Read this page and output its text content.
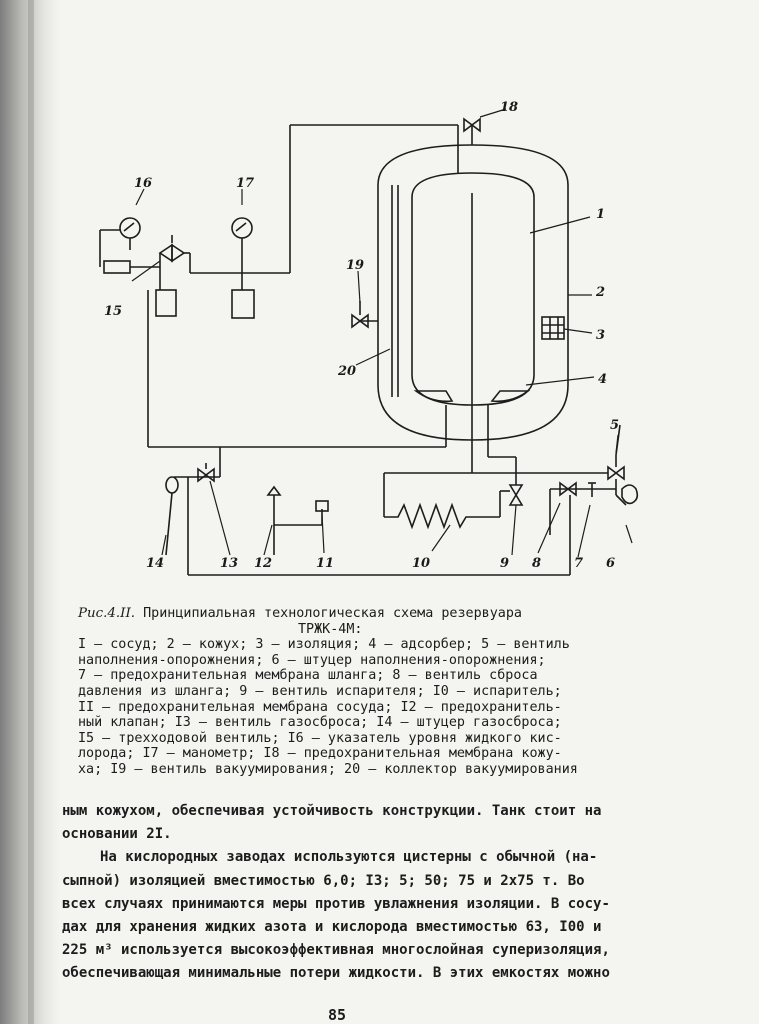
18
1
2
3
4
16	17
15
19
20
5
14	13 12	11	10	9 8	7 6
Рис.4.II. Принципиальная технологическая схема резервуара
ТРЖК-4М:
I – сосуд; 2 – кожух; 3 – изоляция; 4 – адсорбер; 5 – вентиль
наполнения-опорожнения; 6 – штуцер наполнения-опорожнения;
7 – предохранительная мембрана шланга; 8 – вентиль сброса
давления из шланга; 9 – вентиль испарителя; I0 – испаритель;
II – предохранительная мембрана сосуда; I2 – предохранитель-
ный клапан; I3 – вентиль газосброса; I4 – штуцер газосброса;
I5 – трехходовой вентиль; I6 – указатель уровня жидкого кис-
лорода; I7 – манометр; I8 – предохранительная мембрана кожу-
ха; I9 – вентиль вакуумирования; 20 – коллектор вакуумирования
ным кожухом, обеспечивая устойчивость конструкции. Танк стоит на
основании 2I.
На кислородных заводах используются цистерны с обычной (на-
сыпной) изоляцией вместимостью 6,0; I3; 5; 50; 75 и 2х75 т. Во
всех случаях принимаются меры против увлажнения изоляции. В сосу-
дах для хранения жидких азота и кислорода вместимостью 63, I00 и
225 м³ используется высокоэффективная многослойная суперизоляция,
обеспечивающая минимальные потери жидкости. В этих емкостях можно
85
